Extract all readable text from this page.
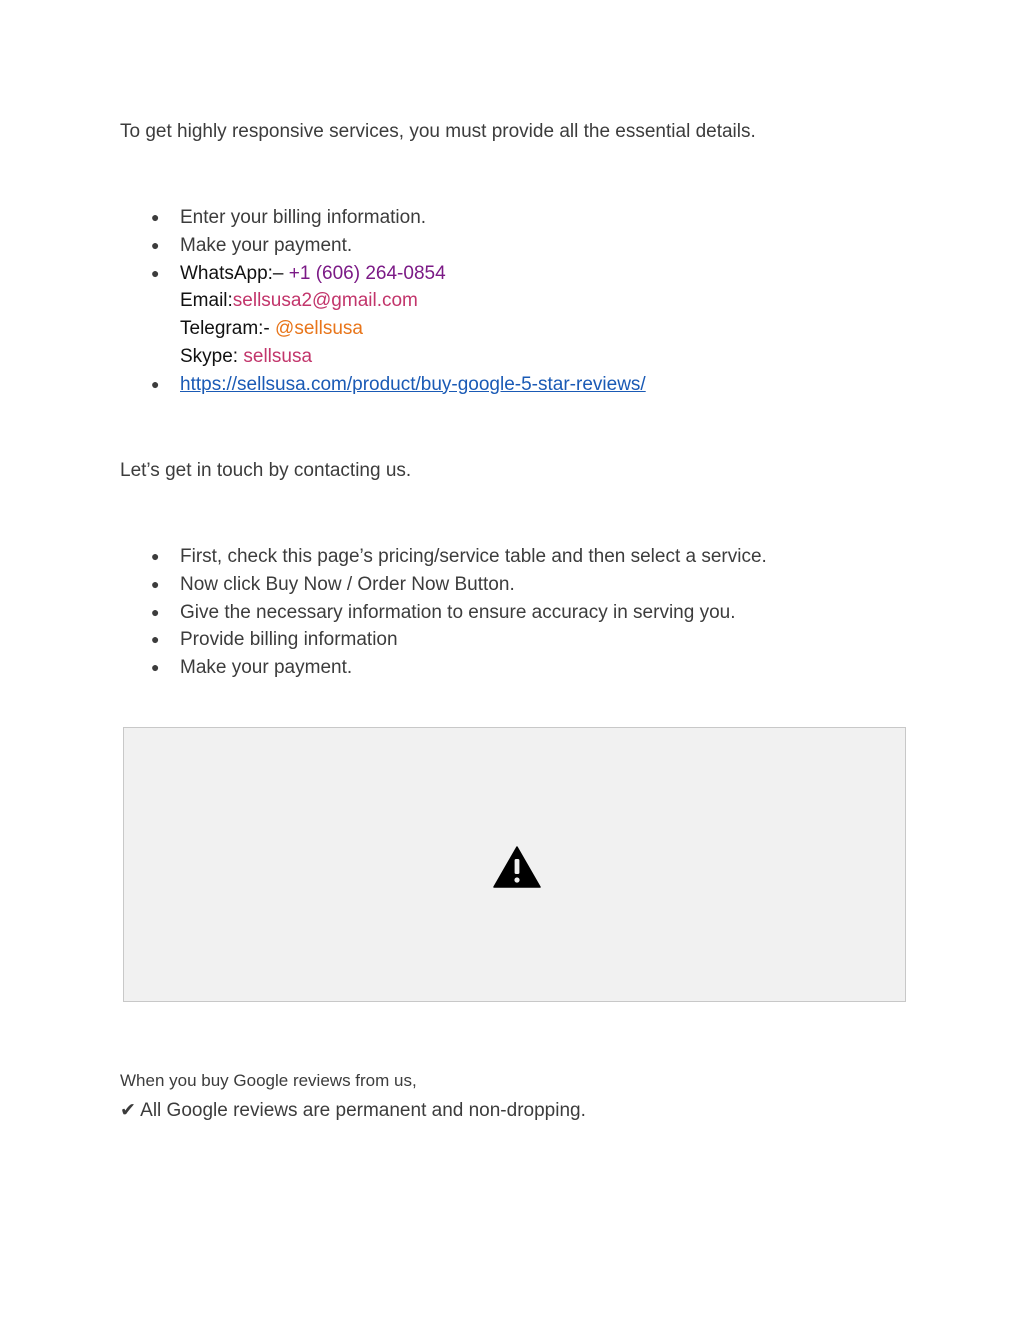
To get highly responsive services, you must provide all the essential details.

● Enter your billing information.
● Make your payment.
● WhatsApp:– +1 (606) 264-0854
Email:sellsusa2@gmail.com
Telegram:- @sellsusa
Skype: sellsusa
● https://sellsusa.com/product/buy-google-5-star-reviews/

Let’s get in touch by contacting us.

● First, check this page’s pricing/service table and then select a service.
● Now click Buy Now / Order Now Button.
● Give the necessary information to ensure accuracy in serving you.
● Provide billing information
● Make your payment.

When you buy Google reviews from us,

✔ All Google reviews are permanent and non-dropping.
